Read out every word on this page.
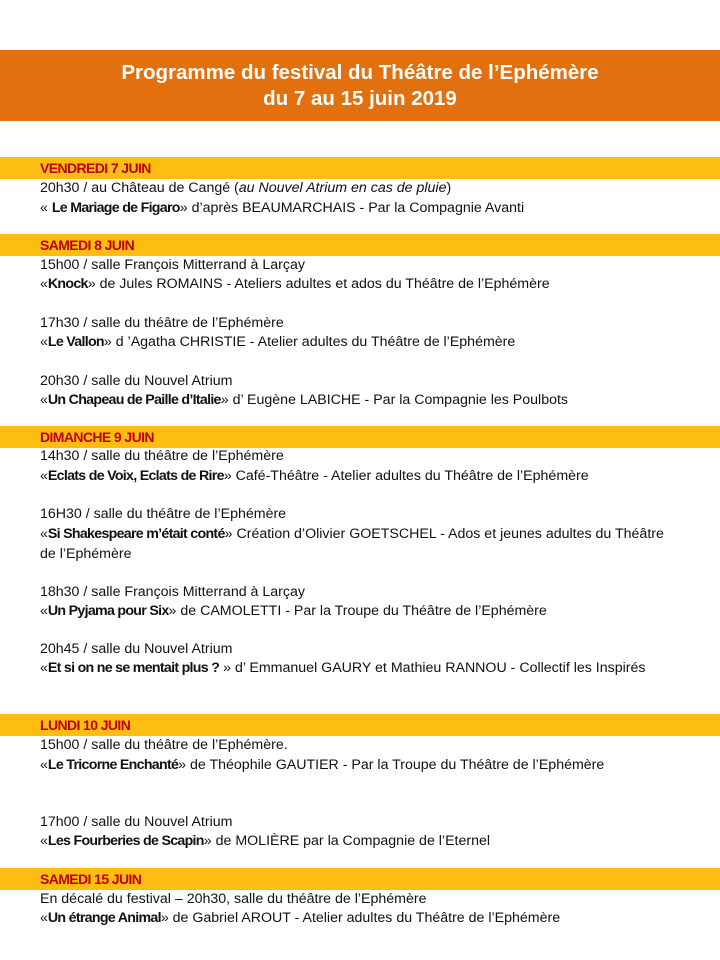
Programme du festival du Théâtre de l’Ephémère
du 7 au 15 juin 2019
VENDREDI 7 JUIN
20h30 / au Château de Cangé (au Nouvel Atrium en cas de pluie)
« Le Mariage de Figaro» d’après BEAUMARCHAIS - Par la Compagnie Avanti
SAMEDI 8 JUIN
15h00 / salle François Mitterrand à Larçay
«Knock» de Jules ROMAINS - Ateliers adultes et ados du Théâtre de l’Ephémère
17h30 / salle du théâtre de l’Ephémère
«Le Vallon» d ’Agatha CHRISTIE - Atelier adultes du Théâtre de l’Ephémère
20h30 / salle du Nouvel Atrium
«Un Chapeau de Paille d’Italie» d’ Eugène LABICHE - Par la Compagnie les Poulbots
DIMANCHE 9 JUIN
14h30 / salle du théâtre de l’Ephémère
«Eclats de Voix, Eclats de Rire» Café-Théâtre - Atelier adultes du Théâtre de l’Ephémère
16H30 / salle du théâtre de l’Ephémère
«Si Shakespeare m’était conté» Création d’Olivier GOETSCHEL - Ados et jeunes adultes du Théâtre de l’Ephémère
18h30 / salle François Mitterrand à Larçay
«Un Pyjama pour Six» de CAMOLETTI - Par la Troupe du Théâtre de l’Ephémère
20h45 / salle du Nouvel Atrium
«Et si on ne se mentait plus ? » d’ Emmanuel GAURY et Mathieu RANNOU - Collectif les Inspirés
LUNDI 10 JUIN
15h00 / salle du théâtre de l’Ephémère.
«Le Tricorne Enchanté» de Théophile GAUTIER - Par la Troupe du Théâtre de l’Ephémère
17h00 / salle du Nouvel Atrium
«Les Fourberies de Scapin» de MOLIÈRE par la Compagnie de l’Eternel
SAMEDI 15 JUIN
En décalé du festival – 20h30, salle du théâtre de l’Ephémère
«Un étrange Animal» de Gabriel AROUT - Atelier adultes du Théâtre de l’Ephémère
